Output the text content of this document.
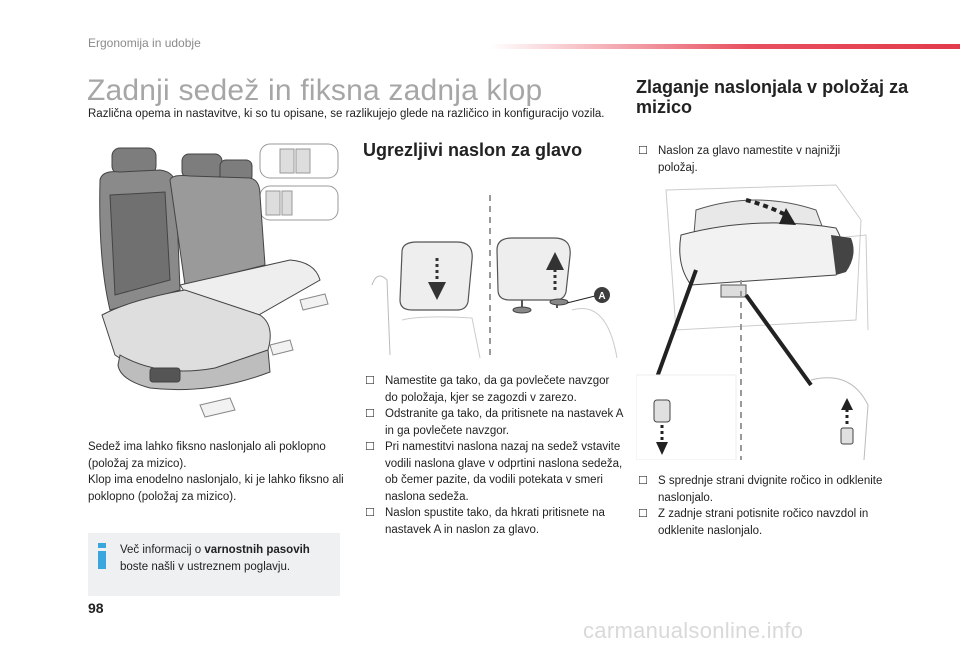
Ergonomija in udobje
Zadnji sedež in fiksna zadnja klop
Različna opema in nastavitve, ki so tu opisane, se razlikujejo glede na različico in konfiguracijo vozila.
Sedež ima lahko fiksno naslonjalo ali poklopno (položaj za mizico).
Klop ima enodelno naslonjalo, ki je lahko fiksno ali poklopno (položaj za mizico).
Več informacij o varnostnih pasovih boste našli v ustreznem poglavju.
Ugrezljivi naslon za glavo
A
☐ Namestite ga tako, da ga povlečete navzgor do položaja, kjer se zagozdi v zarezo.
☐ Odstranite ga tako, da pritisnete na nastavek A in ga povlečete navzgor.
☐ Pri namestitvi naslona nazaj na sedež vstavite vodili naslona glave v odprtini naslona sedeža, ob čemer pazite, da vodili potekata v smeri naslona sedeža.
☐ Naslon spustite tako, da hkrati pritisnete na nastavek A in naslon za glavo.
Zlaganje naslonjala v položaj za mizico
☐ Naslon za glavo namestite v najnižji položaj.
☐ S sprednje strani dvignite ročico in odklenite naslonjalo.
☐ Z zadnje strani potisnite ročico navzdol in odklenite naslonjalo.
98
carmanualsonline.info
